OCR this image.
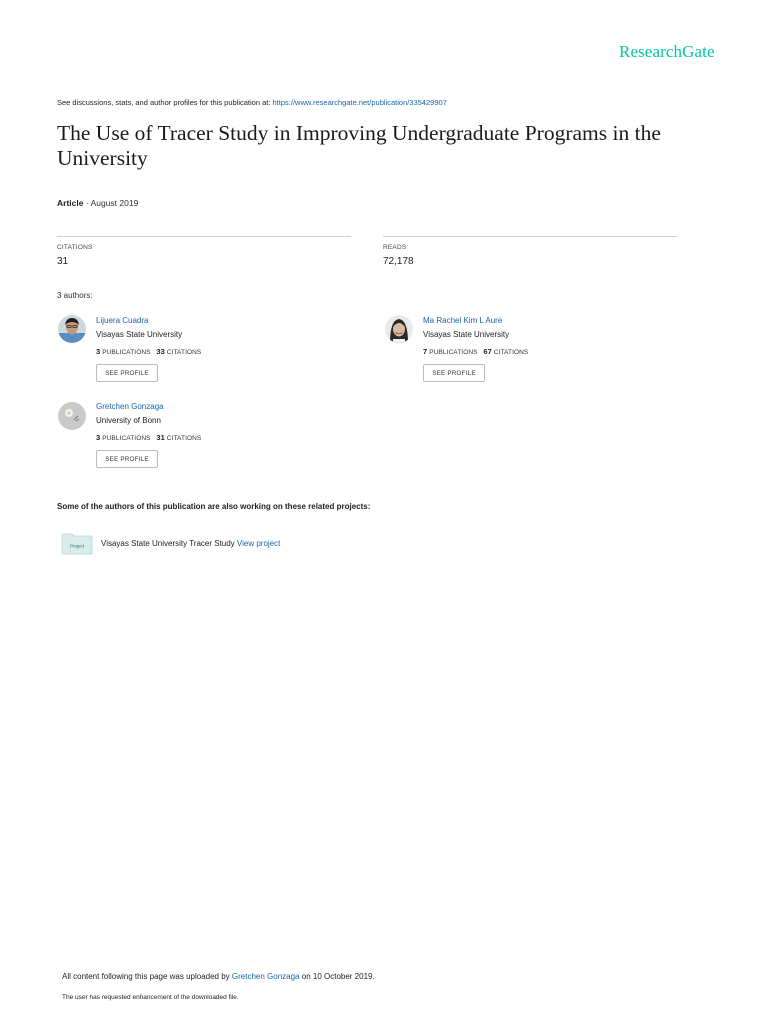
ResearchGate
See discussions, stats, and author profiles for this publication at: https://www.researchgate.net/publication/335429907
The Use of Tracer Study in Improving Undergraduate Programs in the University
Article · August 2019
CITATIONS
31
READS
72,178
3 authors:
Lijuera Cuadra
Visayas State University
3 PUBLICATIONS 33 CITATIONS
SEE PROFILE
Ma Rachel Kim L Aure
Visayas State University
7 PUBLICATIONS 67 CITATIONS
SEE PROFILE
Gretchen Gonzaga
University of Bonn
3 PUBLICATIONS 31 CITATIONS
SEE PROFILE
Some of the authors of this publication are also working on these related projects:
Project Visayas State University Tracer Study View project
All content following this page was uploaded by Gretchen Gonzaga on 10 October 2019.
The user has requested enhancement of the downloaded file.
